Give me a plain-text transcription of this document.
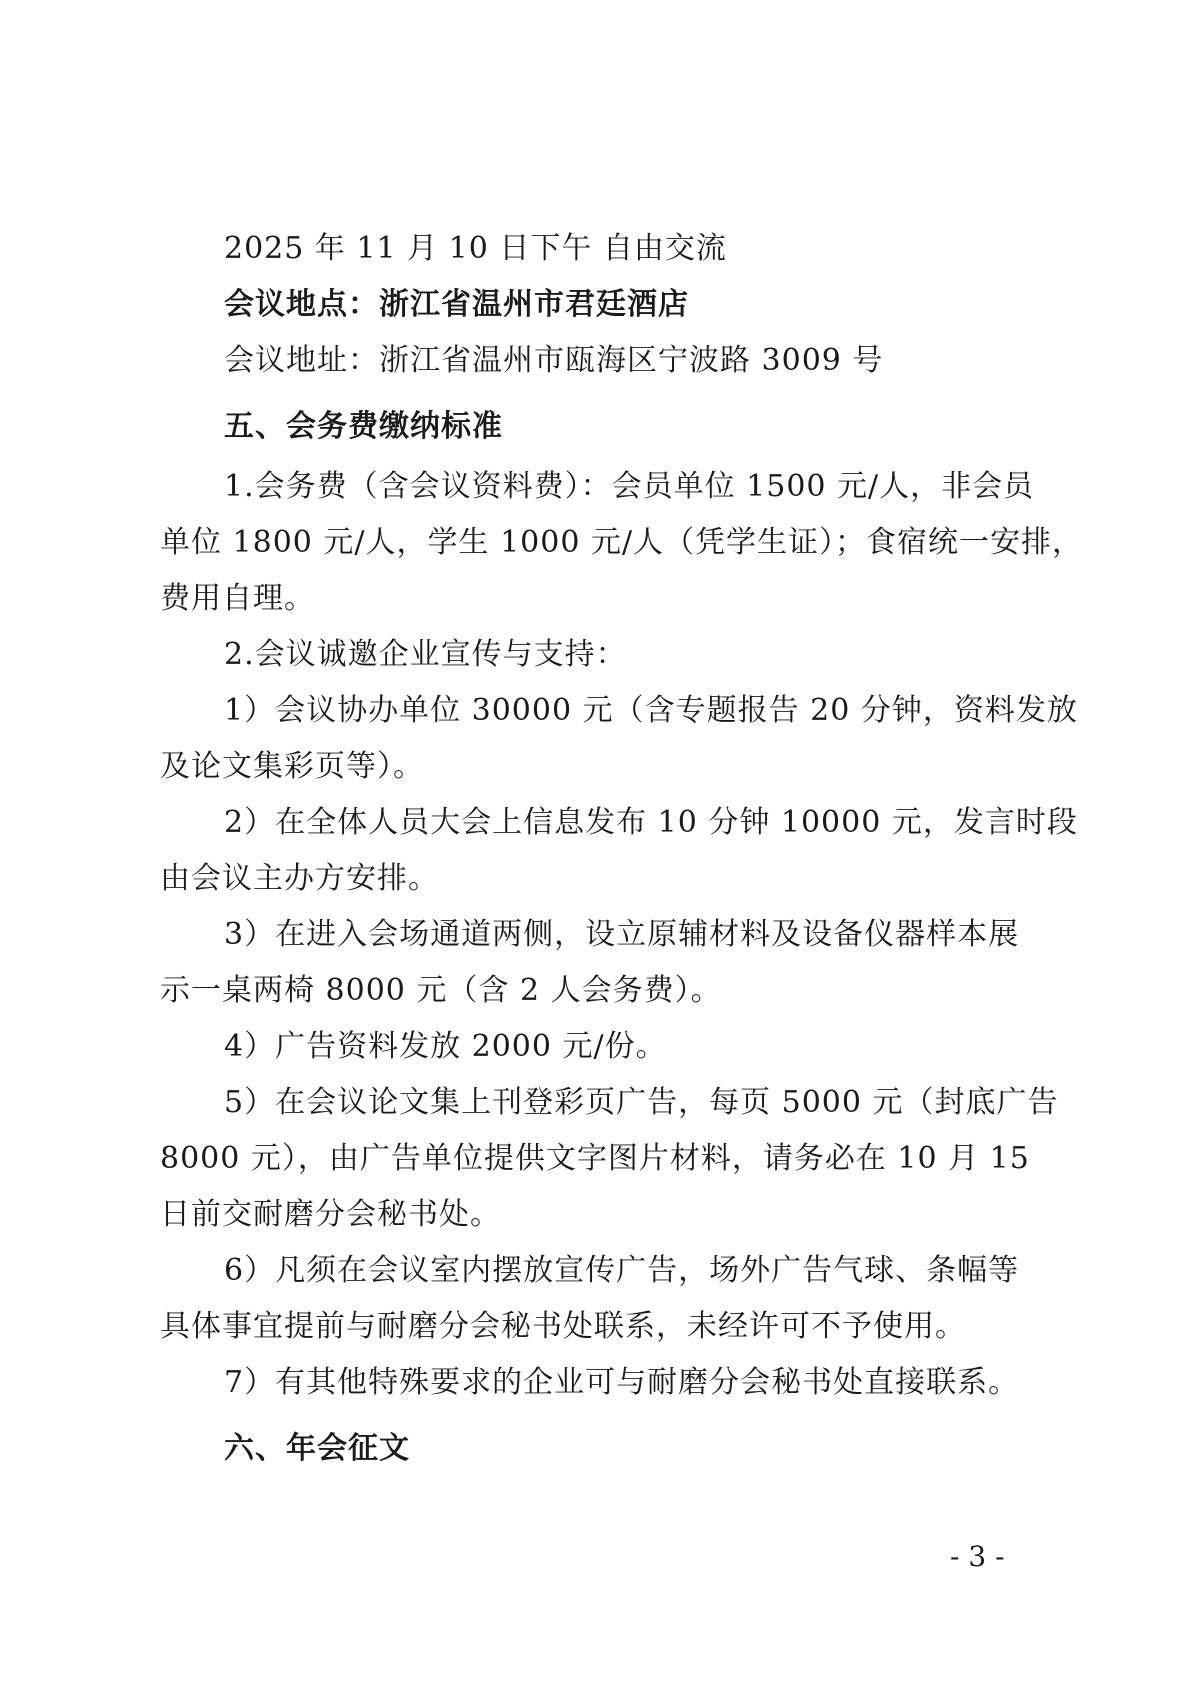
2025 年 11 月 10 日下午 自由交流
会议地点：浙江省温州市君廷酒店
会议地址：浙江省温州市瓯海区宁波路 3009 号
五、会务费缴纳标准
1.会务费（含会议资料费）：会员单位 1500 元/人，非会员
单位 1800 元/人，学生 1000 元/人（凭学生证）；食宿统一安排，
费用自理。
2.会议诚邀企业宣传与支持：
1）会议协办单位 30000 元（含专题报告 20 分钟，资料发放
及论文集彩页等）。
2）在全体人员大会上信息发布 10 分钟 10000 元，发言时段
由会议主办方安排。
3）在进入会场通道两侧，设立原辅材料及设备仪器样本展
示一桌两椅 8000 元（含 2 人会务费）。
4）广告资料发放 2000 元/份。
5）在会议论文集上刊登彩页广告，每页 5000 元（封底广告
8000 元），由广告单位提供文字图片材料，请务必在 10 月 15
日前交耐磨分会秘书处。
6）凡须在会议室内摆放宣传广告，场外广告气球、条幅等
具体事宜提前与耐磨分会秘书处联系，未经许可不予使用。
7）有其他特殊要求的企业可与耐磨分会秘书处直接联系。
六、年会征文
- 3 -
